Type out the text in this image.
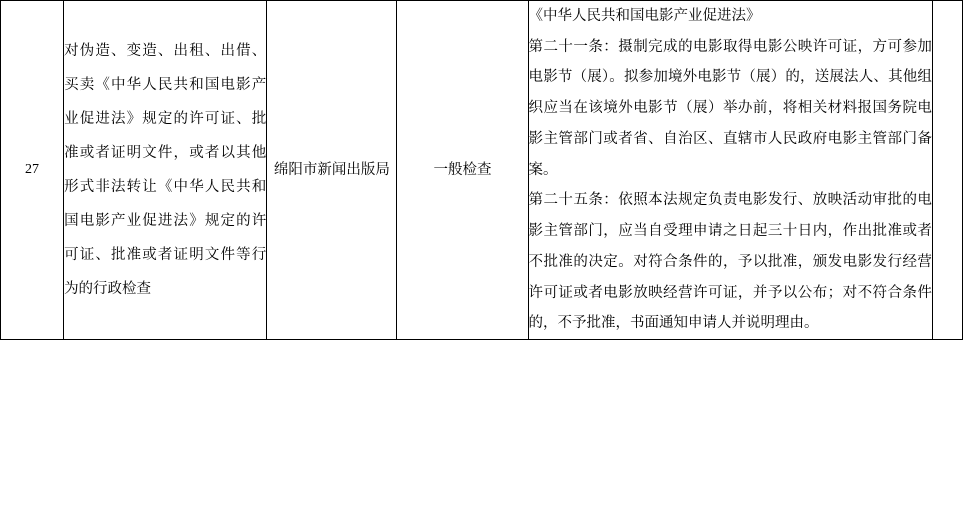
27	对伪造、变造、出租、出借、买卖《中华人民共和国电影产业促进法》规定的许可证、批准或者证明文件，或者以其他形式非法转让《中华人民共和国电影产业促进法》规定的许可证、批准或者证明文件等行为的行政检查	绵阳市新闻出版局	一般检查	

《中华人民共和国电影产业促进法》

第二十一条：摄制完成的电影取得电影公映许可证，方可参加电影节（展）。拟参加境外电影节（展）的，送展法人、其他组织应当在该境外电影节（展）举办前，将相关材料报国务院电影主管部门或者省、自治区、直辖市人民政府电影主管部门备案。

第二十五条：依照本法规定负责电影发行、放映活动审批的电影主管部门，应当自受理申请之日起三十日内，作出批准或者不批准的决定。对符合条件的，予以批准，颁发电影发行经营许可证或者电影放映经营许可证，并予以公布；对不符合条件的，不予批准，书面通知申请人并说明理由。
